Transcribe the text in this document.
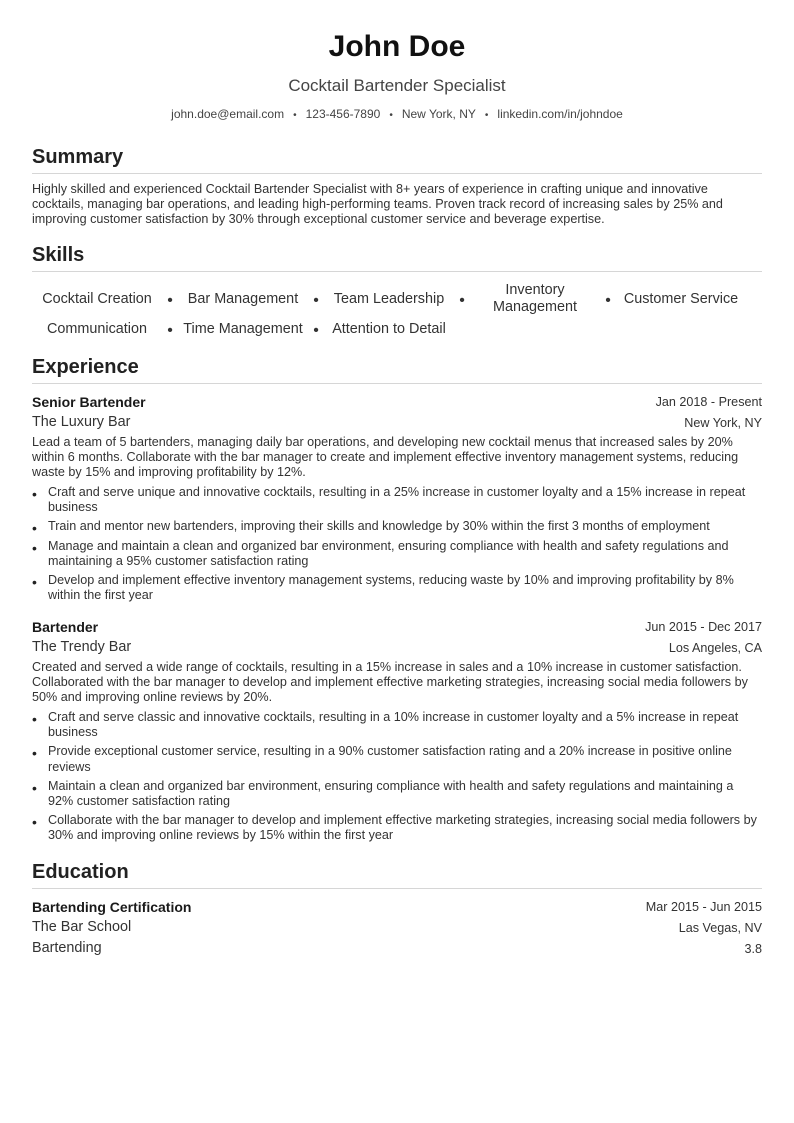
John Doe
Cocktail Bartender Specialist
john.doe@email.com • 123-456-7890 • New York, NY • linkedin.com/in/johndoe
Summary
Highly skilled and experienced Cocktail Bartender Specialist with 8+ years of experience in crafting unique and innovative cocktails, managing bar operations, and leading high-performing teams. Proven track record of increasing sales by 25% and improving customer satisfaction by 30% through exceptional customer service and beverage expertise.
Skills
Cocktail Creation •	Bar Management •	Team Leadership •
Inventory Management	• Customer Service
Communication	• Time Management • Attention to Detail
Experience
Senior Bartender	Jan 2018 - Present
The Luxury Bar	New York, NY
Lead a team of 5 bartenders, managing daily bar operations, and developing new cocktail menus that increased sales by 20% within 6 months. Collaborate with the bar manager to create and implement effective inventory management systems, reducing waste by 15% and improving profitability by 12%.
• Craft and serve unique and innovative cocktails, resulting in a 25% increase in customer loyalty and a 15% increase in repeat business
• Train and mentor new bartenders, improving their skills and knowledge by 30% within the first 3 months of employment
• Manage and maintain a clean and organized bar environment, ensuring compliance with health and safety regulations and maintaining a 95% customer satisfaction rating
• Develop and implement effective inventory management systems, reducing waste by 10% and improving profitability by 8% within the first year
Bartender	Jun 2015 - Dec 2017
The Trendy Bar	Los Angeles, CA
Created and served a wide range of cocktails, resulting in a 15% increase in sales and a 10% increase in customer satisfaction. Collaborated with the bar manager to develop and implement effective marketing strategies, increasing social media followers by 50% and improving online reviews by 20%.
• Craft and serve classic and innovative cocktails, resulting in a 10% increase in customer loyalty and a 5% increase in repeat business
• Provide exceptional customer service, resulting in a 90% customer satisfaction rating and a 20% increase in positive online reviews
• Maintain a clean and organized bar environment, ensuring compliance with health and safety regulations and maintaining a 92% customer satisfaction rating
• Collaborate with the bar manager to develop and implement effective marketing strategies, increasing social media followers by 30% and improving online reviews by 15% within the first year
Education
Bartending Certification	Mar 2015 - Jun 2015
The Bar School	Las Vegas, NV
Bartending	3.8
